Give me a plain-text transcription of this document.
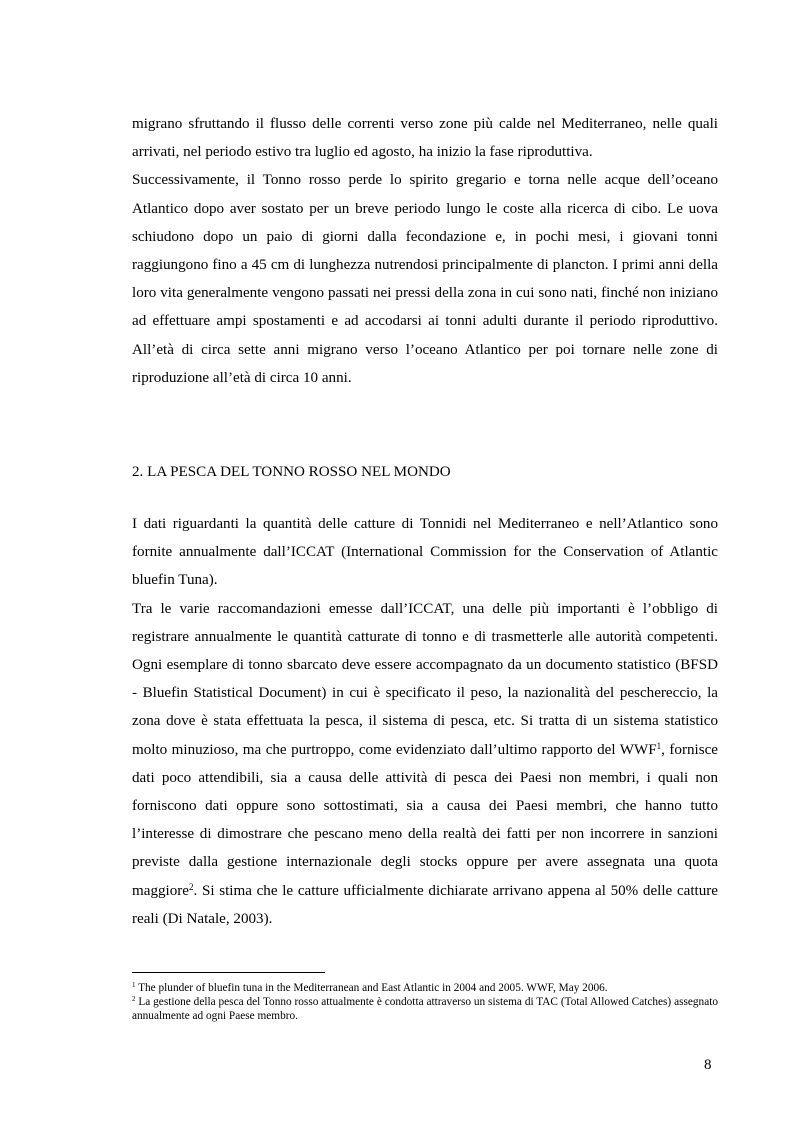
migrano sfruttando il flusso delle correnti verso zone più calde nel Mediterraneo, nelle quali arrivati, nel periodo estivo tra luglio ed agosto, ha inizio la fase riproduttiva.

Successivamente, il Tonno rosso perde lo spirito gregario e torna nelle acque dell’oceano Atlantico dopo aver sostato per un breve periodo lungo le coste alla ricerca di cibo. Le uova schiudono dopo un paio di giorni dalla fecondazione e, in pochi mesi, i giovani tonni raggiungono fino a 45 cm di lunghezza nutrendosi principalmente di plancton. I primi anni della loro vita generalmente vengono passati nei pressi della zona in cui sono nati, finché non iniziano ad effettuare ampi spostamenti e ad accodarsi ai tonni adulti durante il periodo riproduttivo. All’età di circa sette anni migrano verso l’oceano Atlantico per poi tornare nelle zone di riproduzione all’età di circa 10 anni.

2. LA PESCA DEL TONNO ROSSO NEL MONDO

I dati riguardanti la quantità delle catture di Tonnidi nel Mediterraneo e nell’Atlantico sono fornite annualmente dall’ICCAT (International Commission for the Conservation of Atlantic bluefin Tuna).

Tra le varie raccomandazioni emesse dall’ICCAT, una delle più importanti è l’obbligo di registrare annualmente le quantità catturate di tonno e di trasmetterle alle autorità competenti. Ogni esemplare di tonno sbarcato deve essere accompagnato da un documento statistico (BFSD - Bluefin Statistical Document) in cui è specificato il peso, la nazionalità del peschereccio, la zona dove è stata effettuata la pesca, il sistema di pesca, etc. Si tratta di un sistema statistico molto minuzioso, ma che purtroppo, come evidenziato dall’ultimo rapporto del WWF$^1$, fornisce dati poco attendibili, sia a causa delle attività di pesca dei Paesi non membri, i quali non forniscono dati oppure sono sottostimati, sia a causa dei Paesi membri, che hanno tutto l’interesse di dimostrare che pescano meno della realtà dei fatti per non incorrere in sanzioni previste dalla gestione internazionale degli stocks oppure per avere assegnata una quota maggiore$^2$. Si stima che le catture ufficialmente dichiarate arrivano appena al 50% delle catture reali (Di Natale, 2003).

$^1$ The plunder of bluefin tuna in the Mediterranean and East Atlantic in 2004 and 2005. WWF, May 2006.
$^2$ La gestione della pesca del Tonno rosso attualmente è condotta attraverso un sistema di TAC (Total Allowed Catches) assegnato annualmente ad ogni Paese membro.
8
